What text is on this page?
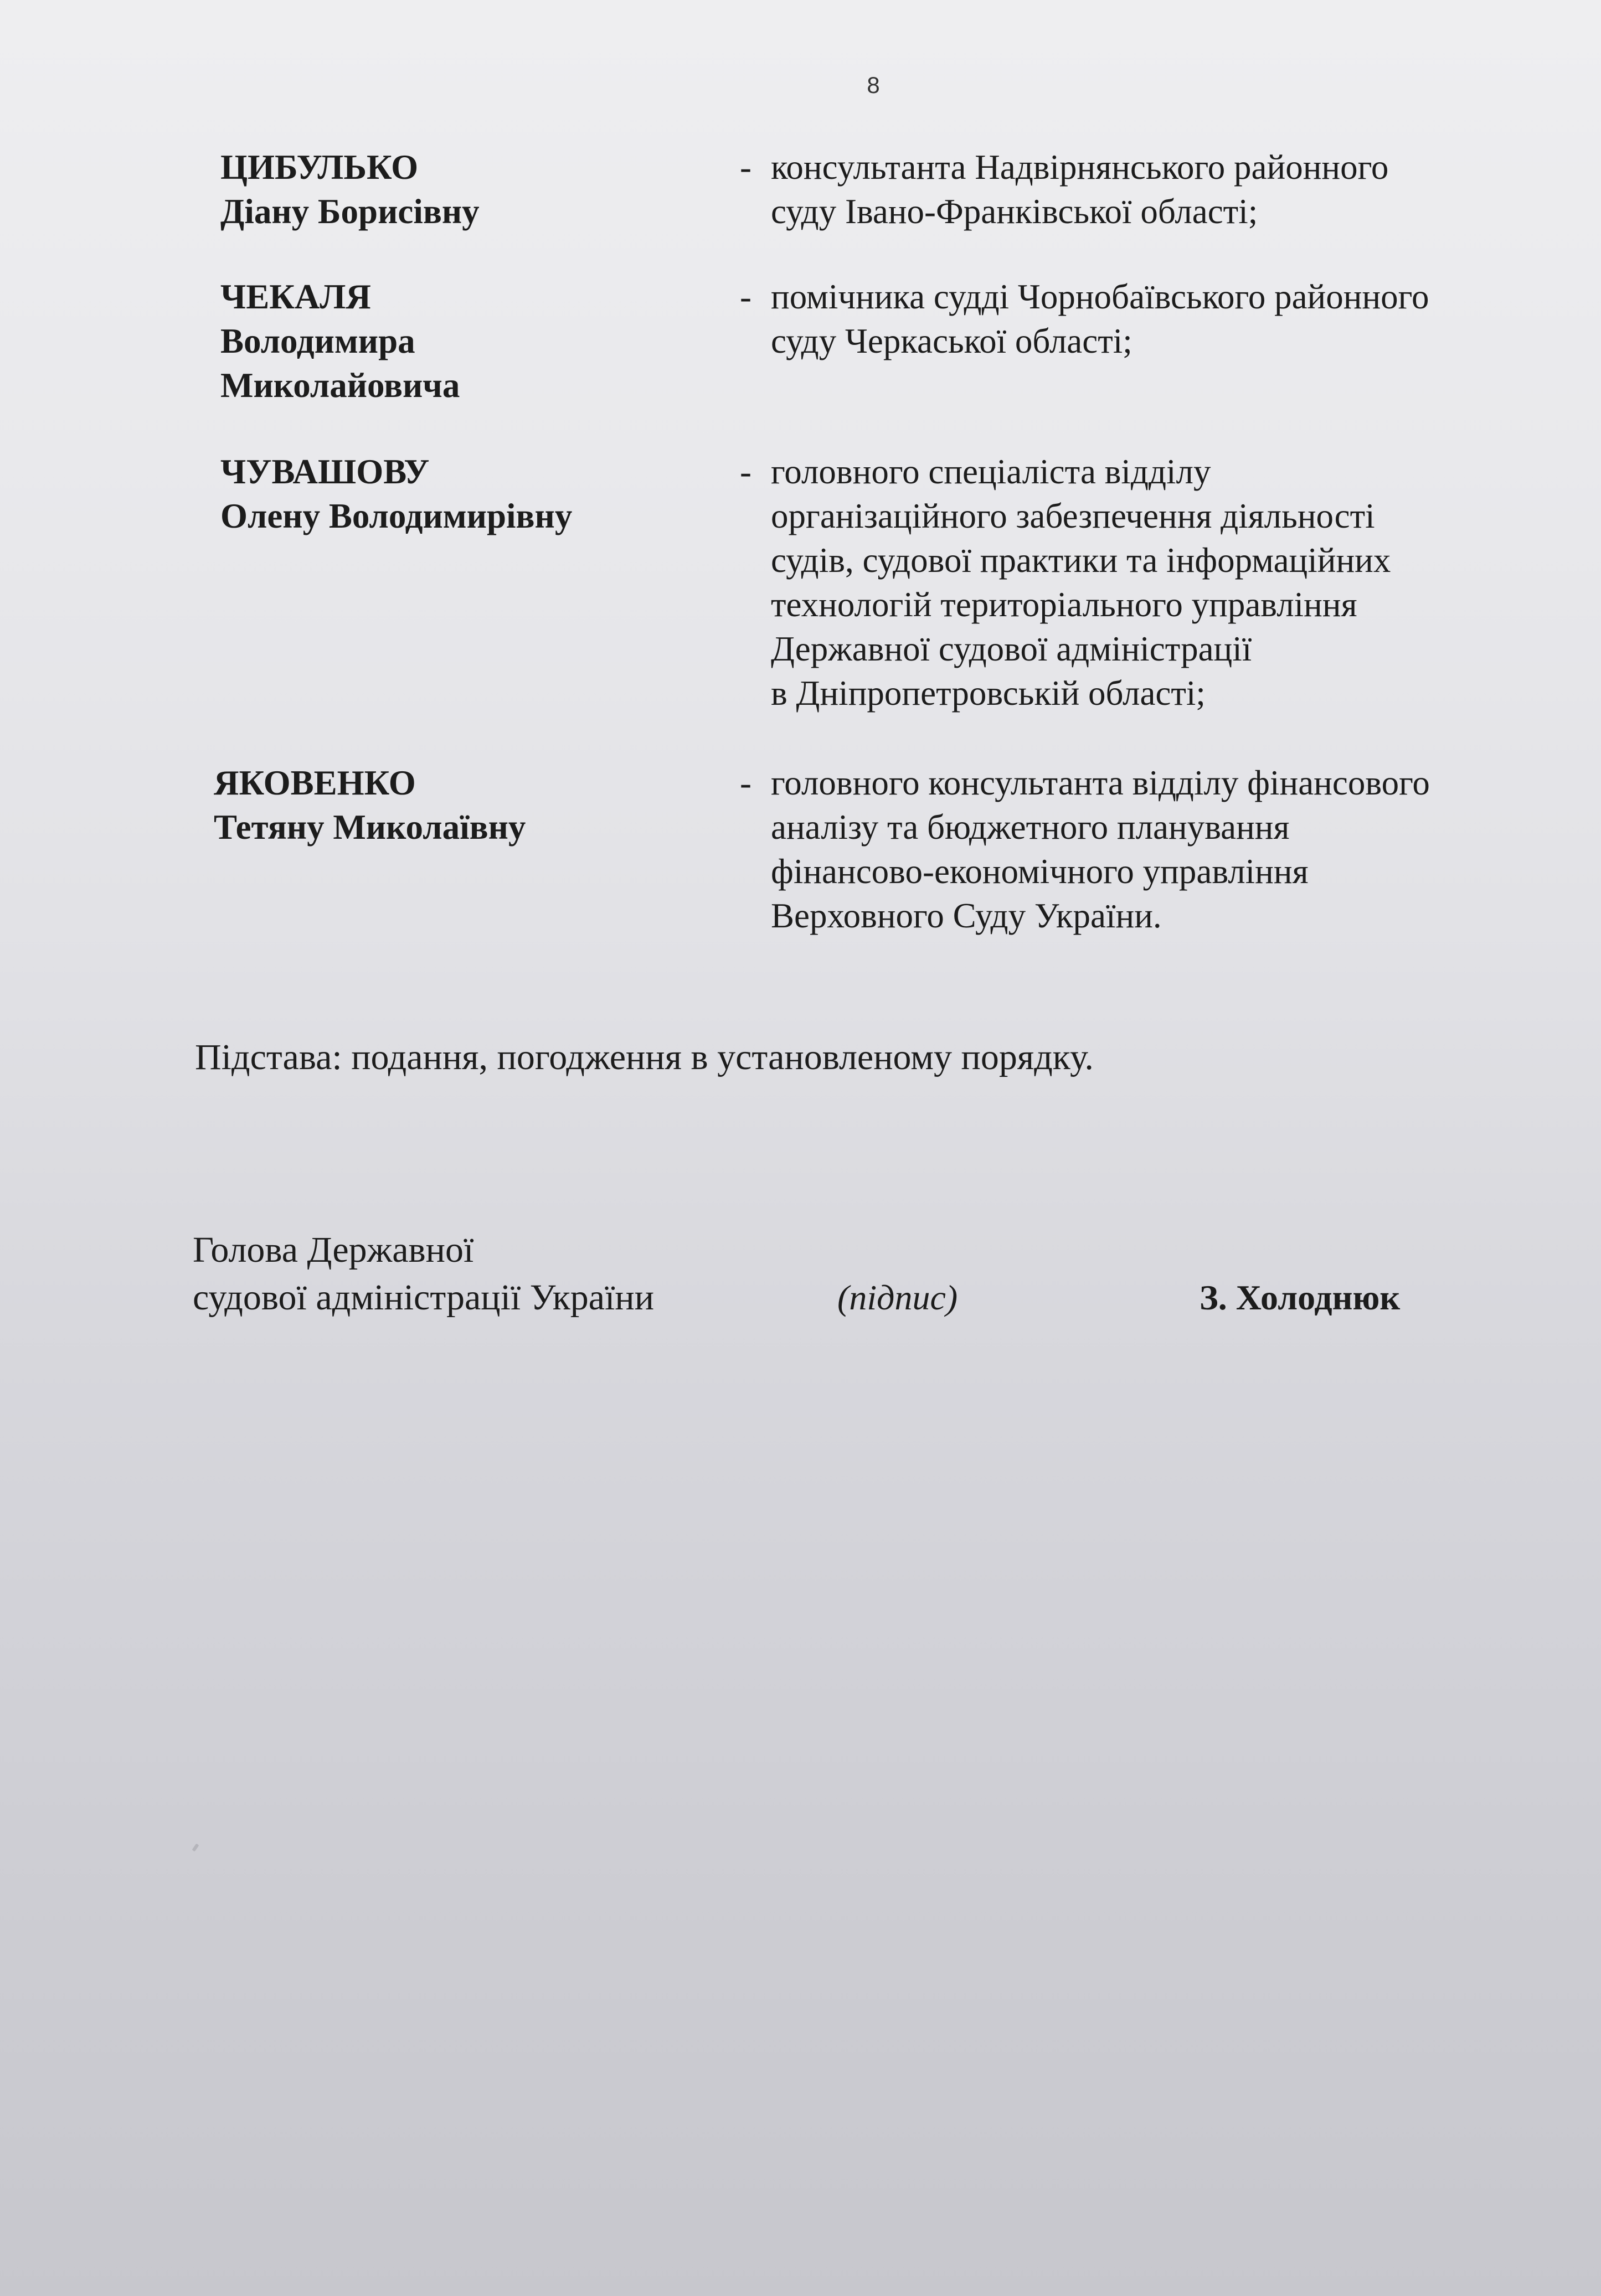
8
ЦИБУЛЬКО
Діану Борисівну
- консультанта Надвірнянського районного
суду Івано-Франківської області;
ЧЕКАЛЯ
Володимира
Миколайовича
- помічника судді Чорнобаївського районного
суду Черкаської області;
ЧУВАШОВУ
Олену Володимирівну
- головного спеціаліста відділу
організаційного забезпечення діяльності
судів, судової практики та інформаційних
технологій територіального управління
Державної судової адміністрації
в Дніпропетровській області;
ЯКОВЕНКО
Тетяну Миколаївну
- головного консультанта відділу фінансового
аналізу та бюджетного планування
фінансово-економічного управління
Верховного Суду України.
Підстава: подання, погодження в установленому порядку.
Голова Державної
судової адміністрації України	(підпис)	З. Холоднюк
